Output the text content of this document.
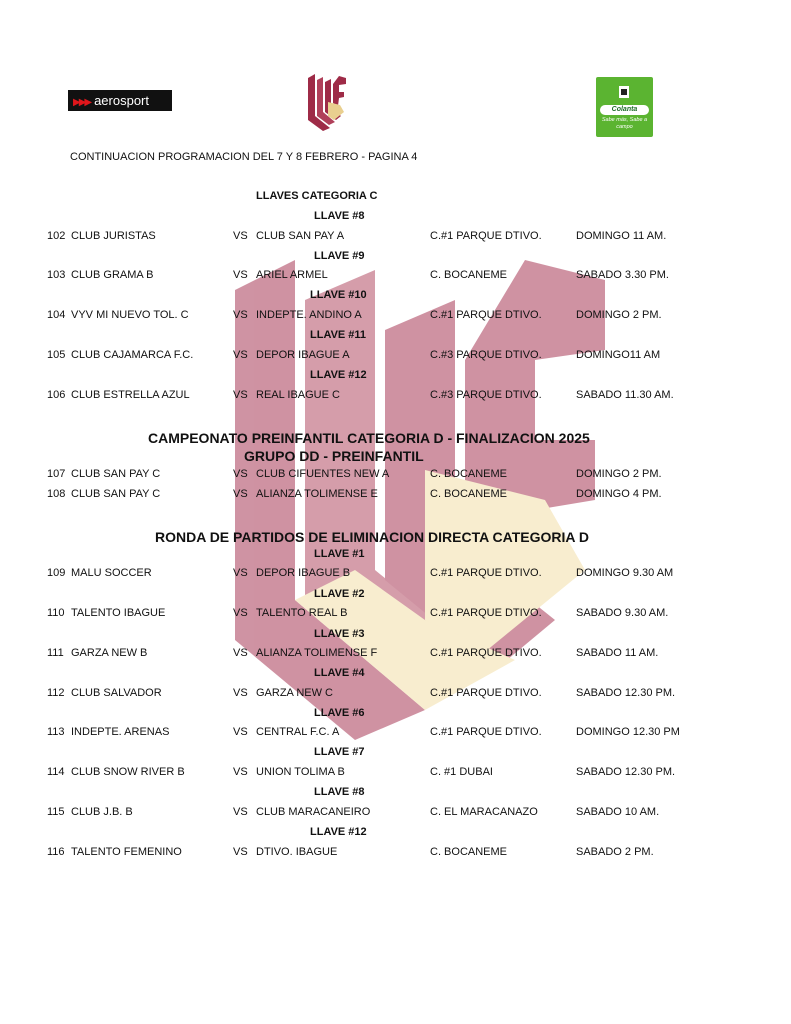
▶▶▶ aerosport
Colanta
Sabe más, Sabe a campo
CONTINUACION PROGRAMACION DEL 7 Y 8 FEBRERO - PAGINA 4
LLAVES CATEGORIA C
LLAVE #8
102 CLUB JURISTAS	VS CLUB SAN PAY A	C.#1 PARQUE DTIVO.	DOMINGO 11 AM.
LLAVE #9
103 CLUB GRAMA B	VS ARIEL ARMEL	C. BOCANEME	SABADO 3.30 PM.
LLAVE #10
104 VYV MI NUEVO TOL. C	VS INDEPTE. ANDINO A	C.#1 PARQUE DTIVO.	DOMINGO 2 PM.
LLAVE #11
105 CLUB CAJAMARCA F.C.	VS DEPOR IBAGUE A	C.#3 PARQUE DTIVO.	DOMINGO11 AM
LLAVE #12
106 CLUB ESTRELLA AZUL	VS REAL IBAGUE C	C.#3 PARQUE DTIVO.	SABADO 11.30 AM.
CAMPEONATO PREINFANTIL CATEGORIA D - FINALIZACION 2025
GRUPO DD - PREINFANTIL
107 CLUB SAN PAY C	VS CLUB CIFUENTES NEW A	C. BOCANEME	DOMINGO 2 PM.
108 CLUB SAN PAY C	VS ALIANZA TOLIMENSE E	C. BOCANEME	DOMINGO 4 PM.
RONDA DE PARTIDOS DE ELIMINACION DIRECTA CATEGORIA D
LLAVE #1
109 MALU SOCCER	VS DEPOR IBAGUE B	C.#1 PARQUE DTIVO.	DOMINGO 9.30 AM
LLAVE #2
110 TALENTO IBAGUE	VS TALENTO REAL B	C.#1 PARQUE DTIVO.	SABADO 9.30 AM.
LLAVE #3
111 GARZA NEW B	VS ALIANZA TOLIMENSE F	C.#1 PARQUE DTIVO.	SABADO 11 AM.
LLAVE #4
112 CLUB SALVADOR	VS GARZA NEW C	C.#1 PARQUE DTIVO.	SABADO 12.30 PM.
LLAVE #6
113 INDEPTE. ARENAS	VS CENTRAL F.C. A	C.#1 PARQUE DTIVO.	DOMINGO 12.30 PM
LLAVE #7
114 CLUB SNOW RIVER B	VS UNION TOLIMA B	C. #1 DUBAI	SABADO 12.30 PM.
LLAVE #8
115 CLUB J.B. B	VS CLUB MARACANEIRO	C. EL MARACANAZO	SABADO 10 AM.
LLAVE #12
116 TALENTO FEMENINO	VS DTIVO. IBAGUE	C. BOCANEME	SABADO 2 PM.
